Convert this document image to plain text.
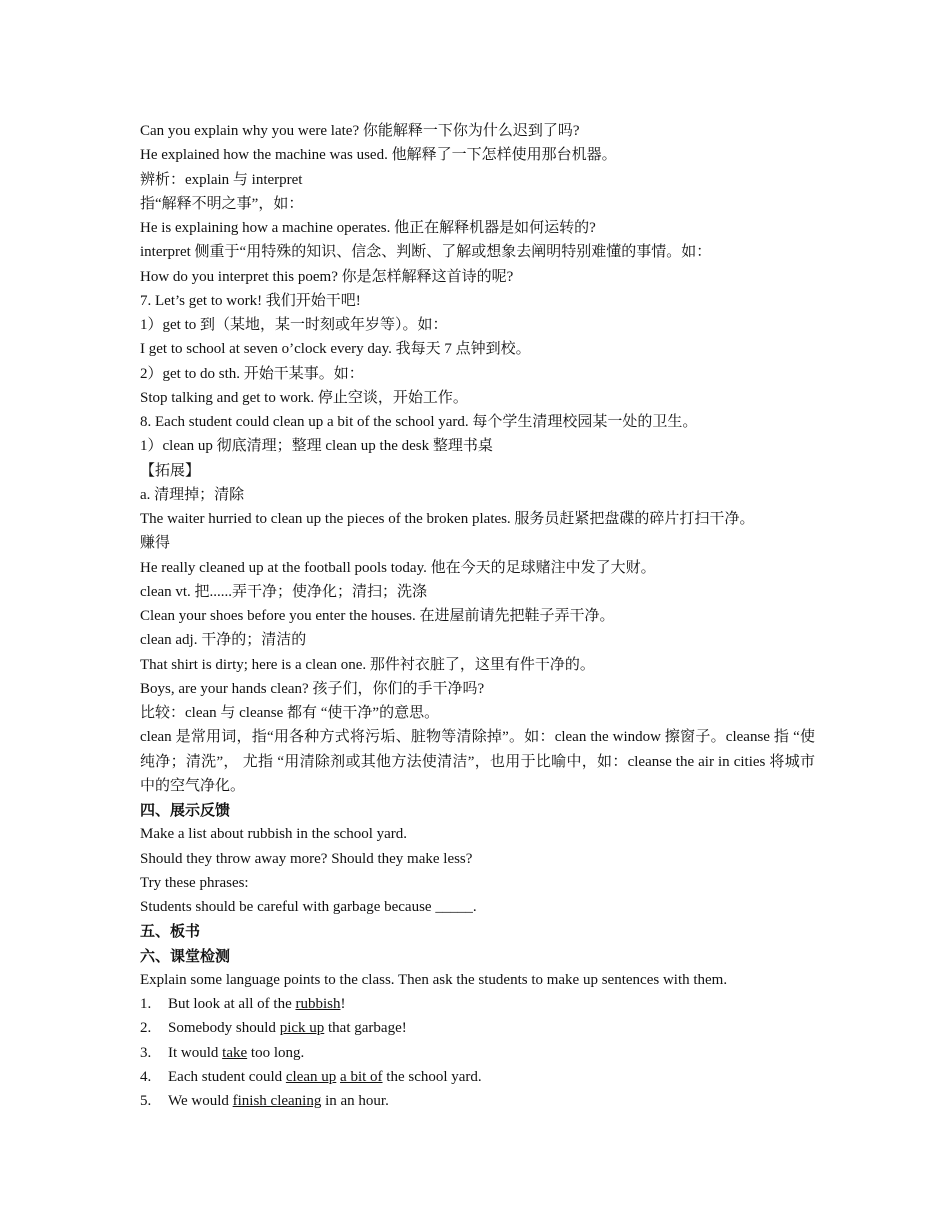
Can you explain why you were late? 你能解释一下你为什么迟到了吗?
He explained how the machine was used. 他解释了一下怎样使用那台机器。
辨析：explain 与 interpret
指“解释不明之事”，如：
He is explaining how a machine operates. 他正在解释机器是如何运转的?
interpret 侧重于“用特殊的知识、信念、判断、了解或想象去阐明特别难懂的事情。如：
How do you interpret this poem? 你是怎样解释这首诗的呢?
7. Let’s get to work! 我们开始干吧!
1）get to 到（某地，某一时刻或年岁等）。如：
I get to school at seven o’clock every day. 我每天 7 点钟到校。
2）get to do sth. 开始干某事。如：
Stop talking and get to work. 停止空谈，开始工作。
8. Each student could clean up a bit of the school yard. 每个学生清理校园某一处的卫生。
1）clean up 彻底清理；整理 clean up the desk 整理书桌
【拓展】
a. 清理掉；清除
The waiter hurried to clean up the pieces of the broken plates. 服务员赶紧把盘碟的碎片打扫干净。
赚得
He really cleaned up at the football pools today. 他在今天的足球赌注中发了大财。
clean vt. 把......弄干净；使净化；清扫；洗涤
Clean your shoes before you enter the houses. 在进屋前请先把鞋子弄干净。
clean adj. 干净的；清洁的
That shirt is dirty; here is a clean one. 那件衬衣脏了，这里有件干净的。
Boys, are your hands clean? 孩子们，你们的手干净吗?
比较：clean 与 cleanse 都有 “使干净”的意思。
clean 是常用词，指“用各种方式将污垢、脏物等清除掉”。如：clean the window 擦窗子。cleanse 指 “使纯净；清洗”， 尤指 “用清除剂或其他方法使清洁”，也用于比喻中，如：cleanse the air in cities 将城市中的空气净化。
四、展示反馈
Make a list about rubbish in the school yard.
Should they throw away more? Should they make less?
Try these phrases:
Students should be careful with garbage because _____.
五、板书
六、课堂检测
Explain some language points to the class. Then ask the students to make up sentences with them.
1.	But look at all of the rubbish!
2.	Somebody should pick up that garbage!
3.	It would take too long.
4.	Each student could clean up a bit of the school yard.
5.	We would finish cleaning in an hour.
